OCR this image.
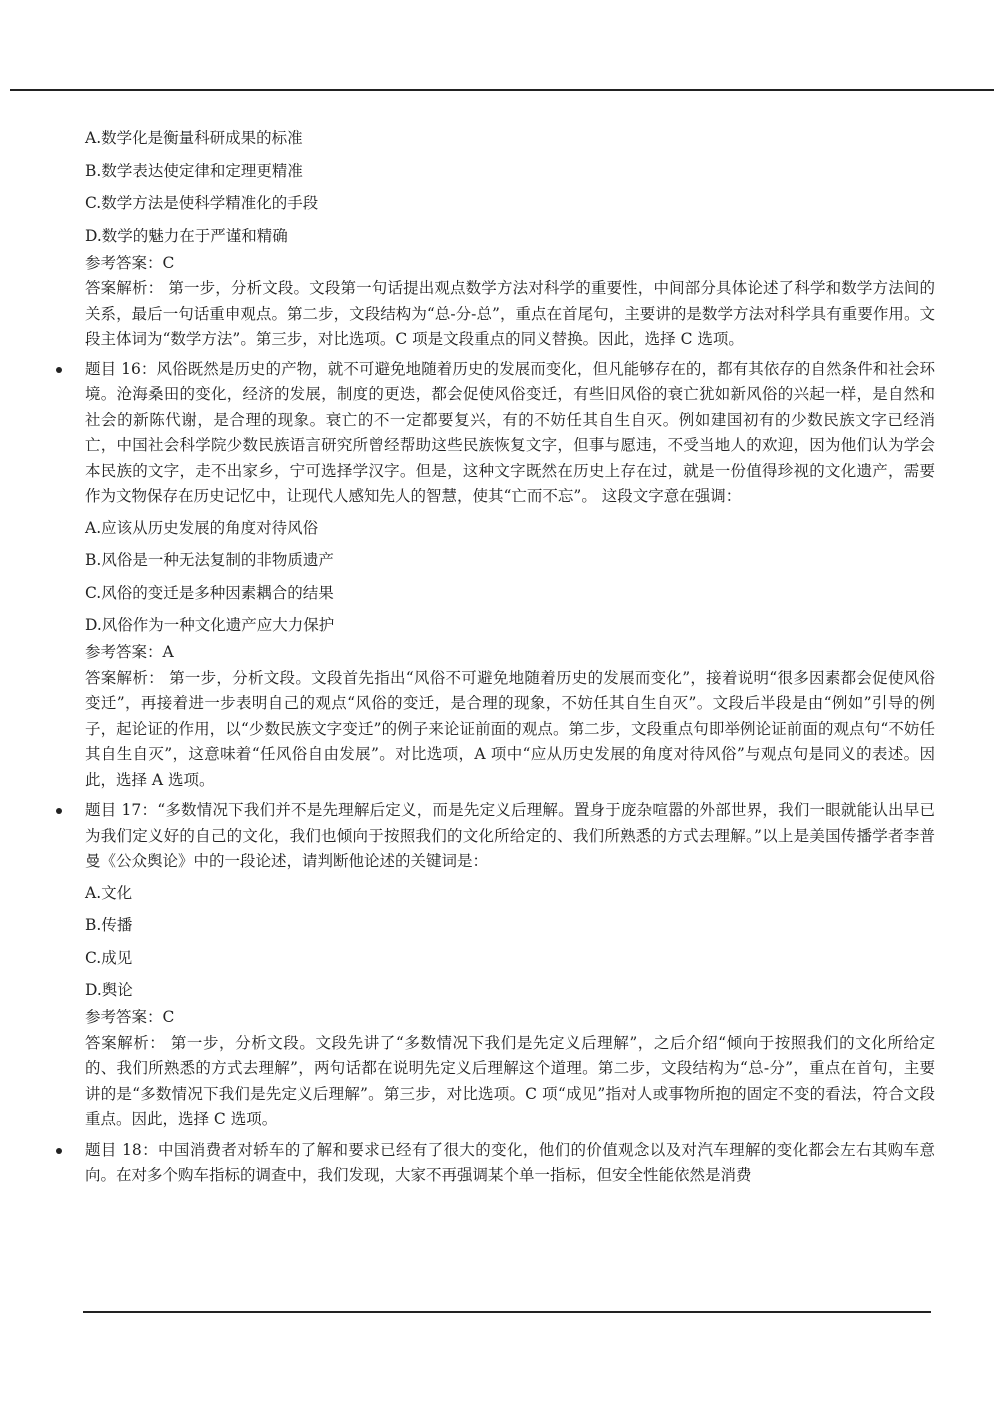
A.数学化是衡量科研成果的标准

B.数学表达使定律和定理更精准

C.数学方法是使科学精准化的手段

D.数学的魅力在于严谨和精确

参考答案：C

答案解析： 第一步，分析文段。文段第一句话提出观点数学方法对科学的重要性，中间部分具体论述了科学和数学方法间的关系，最后一句话重申观点。第二步，文段结构为“总-分-总”，重点在首尾句，主要讲的是数学方法对科学具有重要作用。文段主体词为“数学方法”。第三步，对比选项。C 项是文段重点的同义替换。因此，选择 C 选项。

题目 16：风俗既然是历史的产物，就不可避免地随着历史的发展而变化，但凡能够存在的，都有其依存的自然条件和社会环境。沧海桑田的变化，经济的发展，制度的更迭，都会促使风俗变迁，有些旧风俗的衰亡犹如新风俗的兴起一样，是自然和社会的新陈代谢，是合理的现象。衰亡的不一定都要复兴，有的不妨任其自生自灭。例如建国初有的少数民族文字已经消亡，中国社会科学院少数民族语言研究所曾经帮助这些民族恢复文字，但事与愿违，不受当地人的欢迎，因为他们认为学会本民族的文字，走不出家乡，宁可选择学汉字。但是，这种文字既然在历史上存在过，就是一份值得珍视的文化遗产，需要作为文物保存在历史记忆中，让现代人感知先人的智慧，使其“亡而不忘”。 这段文字意在强调：

A.应该从历史发展的角度对待风俗

B.风俗是一种无法复制的非物质遗产

C.风俗的变迁是多种因素耦合的结果

D.风俗作为一种文化遗产应大力保护

参考答案：A

答案解析： 第一步，分析文段。文段首先指出“风俗不可避免地随着历史的发展而变化”，接着说明“很多因素都会促使风俗变迁”，再接着进一步表明自己的观点“风俗的变迁，是合理的现象，不妨任其自生自灭”。文段后半段是由“例如”引导的例子，起论证的作用，以“少数民族文字变迁”的例子来论证前面的观点。第二步，文段重点句即举例论证前面的观点句“不妨任其自生自灭”，这意味着“任风俗自由发展”。对比选项，A 项中“应从历史发展的角度对待风俗”与观点句是同义的表述。因此，选择 A 选项。

题目 17：“多数情况下我们并不是先理解后定义，而是先定义后理解。置身于庞杂喧嚣的外部世界，我们一眼就能认出早已为我们定义好的自己的文化，我们也倾向于按照我们的文化所给定的、我们所熟悉的方式去理解。”以上是美国传播学者李普曼《公众舆论》中的一段论述，请判断他论述的关键词是：

A.文化

B.传播

C.成见

D.舆论

参考答案：C

答案解析： 第一步，分析文段。文段先讲了“多数情况下我们是先定义后理解”，之后介绍“倾向于按照我们的文化所给定的、我们所熟悉的方式去理解”，两句话都在说明先定义后理解这个道理。第二步，文段结构为“总-分”，重点在首句，主要讲的是“多数情况下我们是先定义后理解”。第三步，对比选项。C 项“成见”指对人或事物所抱的固定不变的看法，符合文段重点。因此，选择 C 选项。

题目 18：中国消费者对轿车的了解和要求已经有了很大的变化，他们的价值观念以及对汽车理解的变化都会左右其购车意向。在对多个购车指标的调查中，我们发现，大家不再强调某个单一指标，但安全性能依然是消费
